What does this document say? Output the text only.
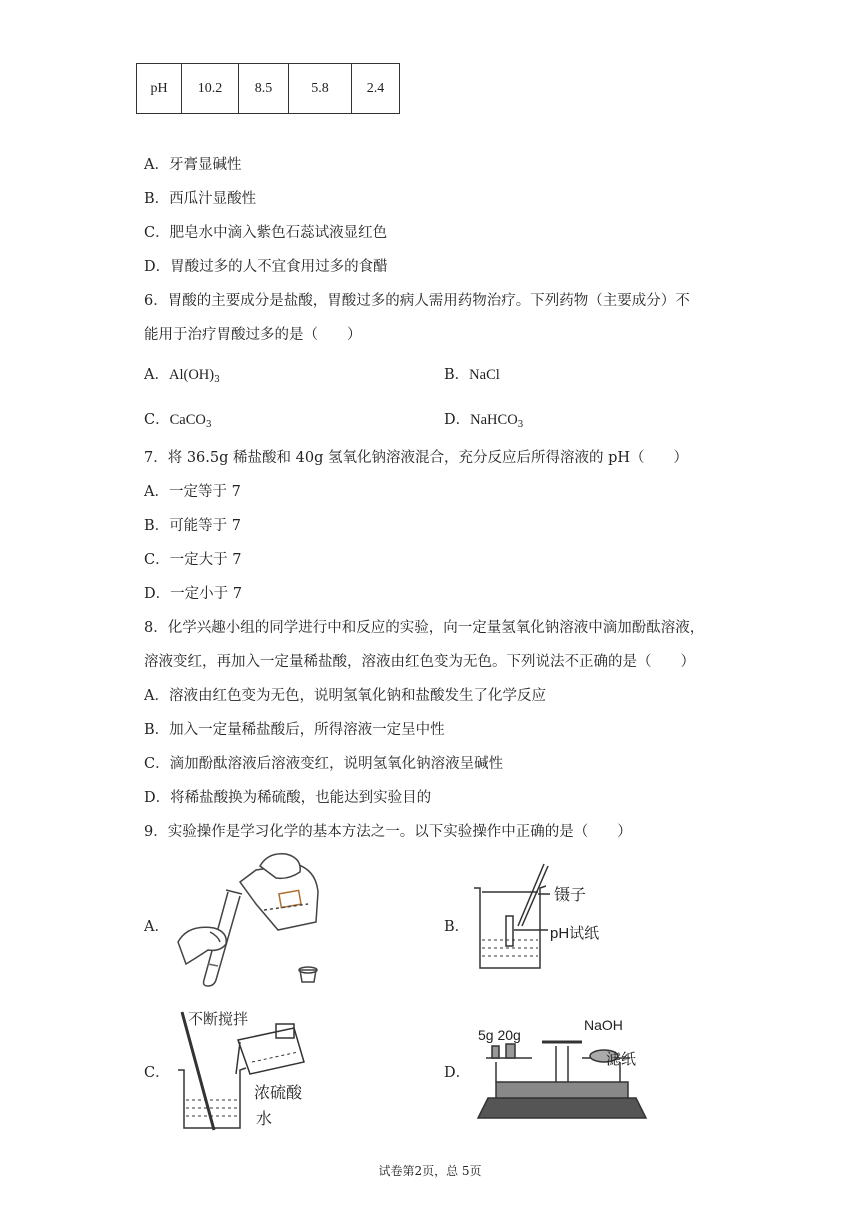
pH	10.2	8.5	5.8	2.4
A．牙膏显碱性
B．西瓜汁显酸性
C．肥皂水中滴入紫色石蕊试液显红色
D．胃酸过多的人不宜食用过多的食醋
6．胃酸的主要成分是盐酸，胃酸过多的病人需用药物治疗。下列药物（主要成分）不
能用于治疗胃酸过多的是（　　）
A．$Al(OH)_3$	B．NaCl
C．CaCO$_3$	D．NaHCO$_3$
7．将 36.5g 稀盐酸和 40g 氢氧化钠溶液混合，充分反应后所得溶液的 pH（　　）
A．一定等于 7
B．可能等于 7
C．一定大于 7
D．一定小于 7
8．化学兴趣小组的同学进行中和反应的实验，向一定量氢氧化钠溶液中滴加酚酞溶液，
溶液变红，再加入一定量稀盐酸，溶液由红色变为无色。下列说法不正确的是（　　）
A．溶液由红色变为无色，说明氢氧化钠和盐酸发生了化学反应
B．加入一定量稀盐酸后，所得溶液一定呈中性
C．滴加酚酞溶液后溶液变红，说明氢氧化钠溶液呈碱性
D．将稀盐酸换为稀硫酸，也能达到实验目的
9．实验操作是学习化学的基本方法之一。以下实验操作中正确的是（　　）
A．	B．
C．	D．
镊子
pH试纸
不断搅拌
浓硫酸
水
5g 20g
NaOH
滤纸
试卷第2页，总 5页
